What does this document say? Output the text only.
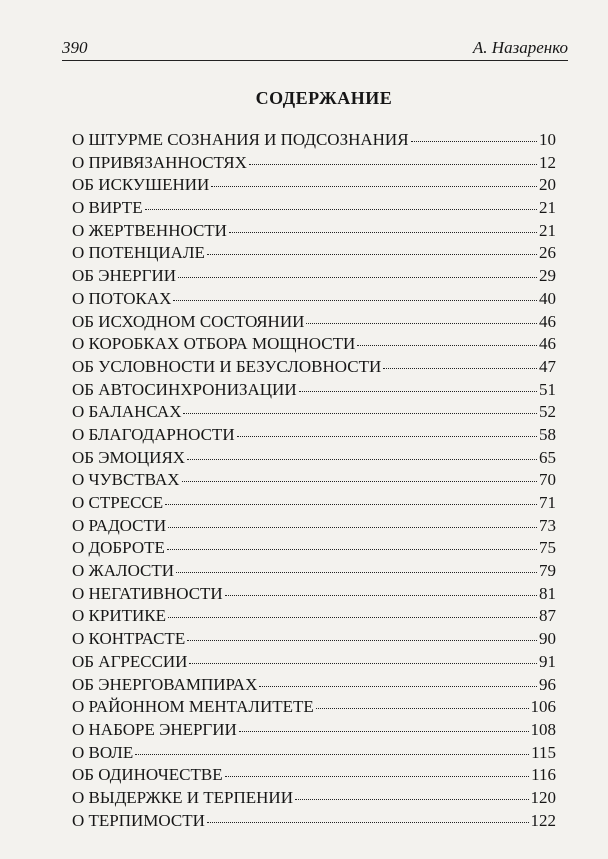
390	А. Назаренко
СОДЕРЖАНИЕ
О ШТУРМЕ СОЗНАНИЯ И ПОДСОЗНАНИЯ	10
О ПРИВЯЗАННОСТЯХ	12
ОБ ИСКУШЕНИИ	20
О ВИРТЕ	21
О ЖЕРТВЕННОСТИ	21
О ПОТЕНЦИАЛЕ	26
ОБ ЭНЕРГИИ	29
О ПОТОКАХ	40
ОБ ИСХОДНОМ СОСТОЯНИИ	46
О КОРОБКАХ ОТБОРА МОЩНОСТИ	46
ОБ УСЛОВНОСТИ И БЕЗУСЛОВНОСТИ	47
ОБ АВТОСИНХРОНИЗАЦИИ	51
О БАЛАНСАХ	52
О БЛАГОДАРНОСТИ	58
ОБ ЭМОЦИЯХ	65
О ЧУВСТВАХ	70
О СТРЕССЕ	71
О РАДОСТИ	73
О ДОБРОТЕ	75
О ЖАЛОСТИ	79
О НЕГАТИВНОСТИ	81
О КРИТИКЕ	87
О КОНТРАСТЕ	90
ОБ АГРЕССИИ	91
ОБ ЭНЕРГОВАМПИРАХ	96
О РАЙОННОМ МЕНТАЛИТЕТЕ	106
О НАБОРЕ ЭНЕРГИИ	108
О ВОЛЕ	115
ОБ ОДИНОЧЕСТВЕ	116
О ВЫДЕРЖКЕ И ТЕРПЕНИИ	120
О ТЕРПИМОСТИ	122
